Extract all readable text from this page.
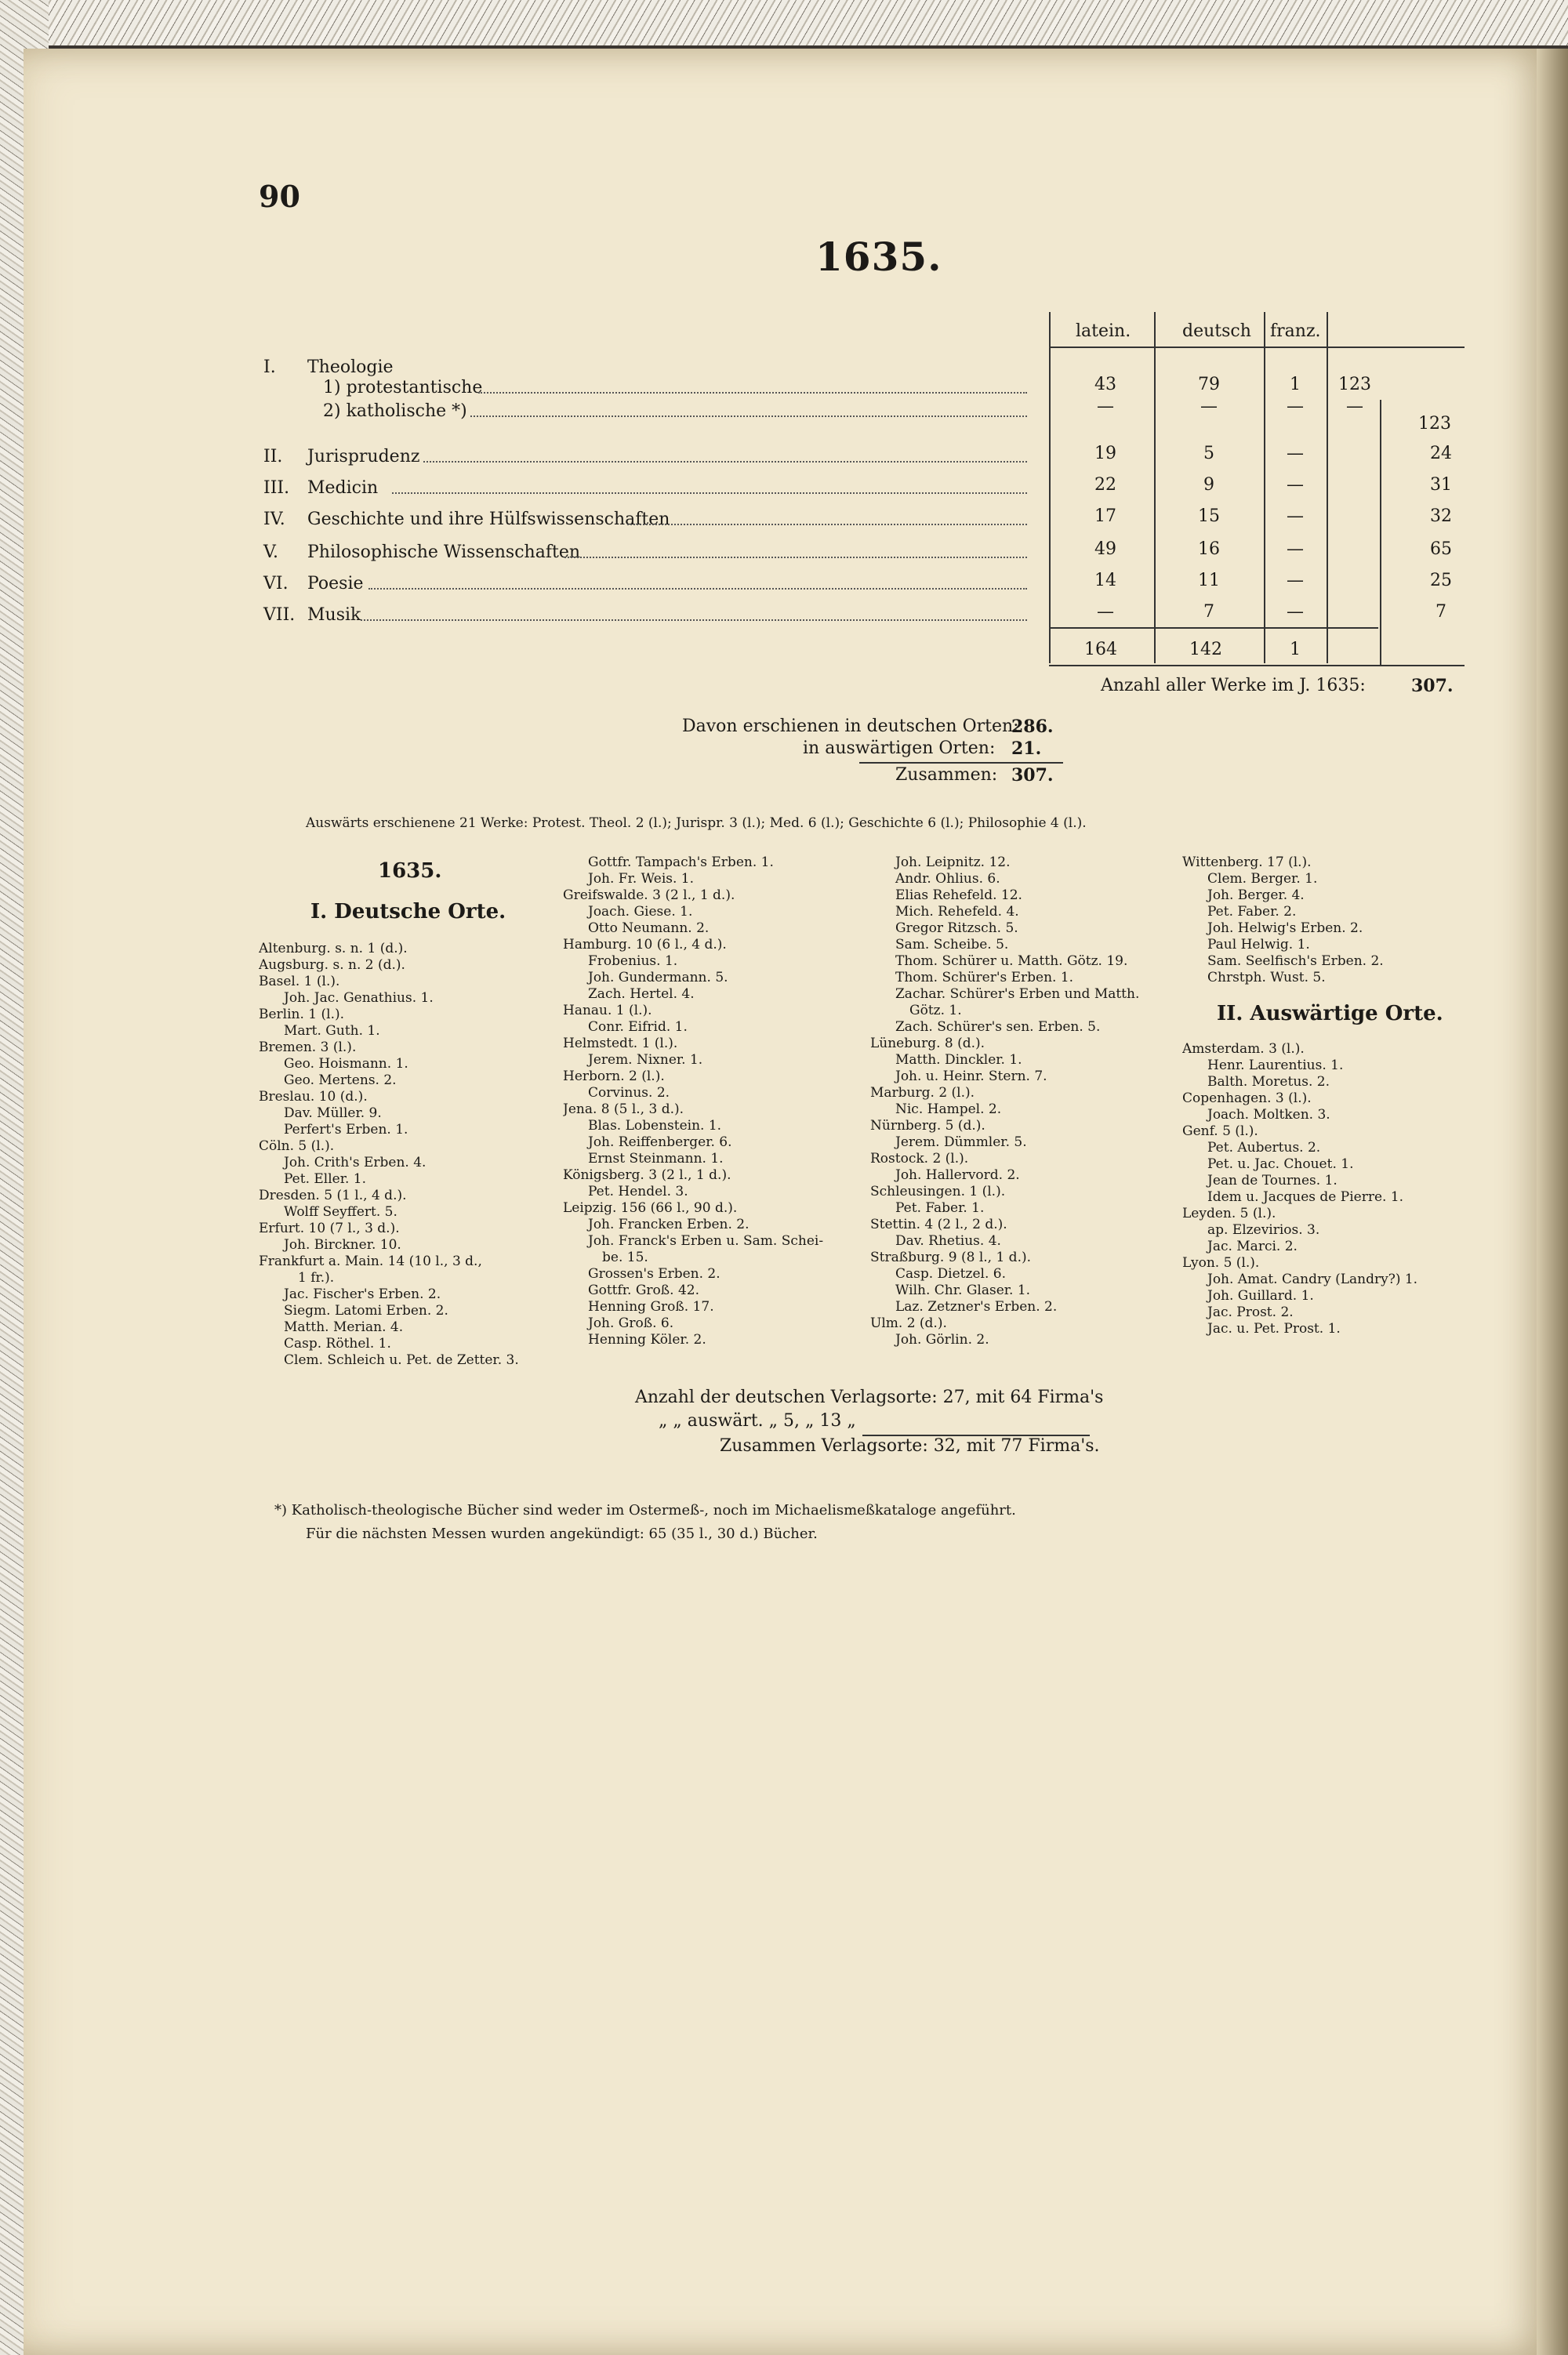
90
1635.
latein.	deutsch franz.
I. Theologie
1) protestantische	43	79	1	123
2) katholische *)	—	—	—	—
123
II. Jurisprudenz	19	5	—	24
III. Medicin	22	9	—	31
IV. Geschichte und ihre Hülfswissenschaften	17	15	—	32
V. Philosophische Wissenschaften	49	16	—	65
VI. Poesie	14	11	—	25
VII. Musik	—	7	—	7
164	142	1
Anzahl aller Werke im J. 1635:	307.
Davon erschienen in deutschen Orten:
286.
in auswärtigen Orten: 21.
Zusammen: 307.
Auswärts erschienene 21 Werke: Protest. Theol. 2 (l.); Jurispr. 3 (l.); Med. 6 (l.); Geschichte 6 (l.); Philosophie 4 (l.).
1635.
I. Deutsche Orte.
Altenburg. s. n. 1 (d.).
Augsburg. s. n. 2 (d.).
Basel. 1 (l.).
Joh. Jac. Genathius. 1.
Berlin. 1 (l.).
Mart. Guth. 1.
Bremen. 3 (l.).
Geo. Hoismann. 1.
Geo. Mertens. 2.
Breslau. 10 (d.).
Dav. Müller. 9.
Perfert's Erben. 1.
Cöln. 5 (l.).
Joh. Crith's Erben. 4.
Pet. Eller. 1.
Dresden. 5 (1 l., 4 d.).
Wolff Seyffert. 5.
Erfurt. 10 (7 l., 3 d.).
Joh. Birckner. 10.
Frankfurt a. Main. 14 (10 l., 3 d.,
1 fr.).
Jac. Fischer's Erben. 2.
Siegm. Latomi Erben. 2.
Matth. Merian. 4.
Casp. Röthel. 1.
Clem. Schleich u. Pet. de Zetter. 3.
Gottfr. Tampach's Erben. 1.
Joh. Fr. Weis. 1.
Greifswalde. 3 (2 l., 1 d.).
Joach. Giese. 1.
Otto Neumann. 2.
Hamburg. 10 (6 l., 4 d.).
Frobenius. 1.
Joh. Gundermann. 5.
Zach. Hertel. 4.
Hanau. 1 (l.).
Conr. Eifrid. 1.
Helmstedt. 1 (l.).
Jerem. Nixner. 1.
Herborn. 2 (l.).
Corvinus. 2.
Jena. 8 (5 l., 3 d.).
Blas. Lobenstein. 1.
Joh. Reiffenberger. 6.
Ernst Steinmann. 1.
Königsberg. 3 (2 l., 1 d.).
Pet. Hendel. 3.
Leipzig. 156 (66 l., 90 d.).
Joh. Francken Erben. 2.
Joh. Franck's Erben u. Sam. Schei-
be. 15.
Grossen's Erben. 2.
Gottfr. Groß. 42.
Henning Groß. 17.
Joh. Groß. 6.
Henning Köler. 2.
Joh. Leipnitz. 12.
Andr. Ohlius. 6.
Elias Rehefeld. 12.
Mich. Rehefeld. 4.
Gregor Ritzsch. 5.
Sam. Scheibe. 5.
Thom. Schürer u. Matth. Götz. 19.
Thom. Schürer's Erben. 1.
Zachar. Schürer's Erben und Matth.
Götz. 1.
Zach. Schürer's sen. Erben. 5.
Lüneburg. 8 (d.).
Matth. Dinckler. 1.
Joh. u. Heinr. Stern. 7.
Marburg. 2 (l.).
Nic. Hampel. 2.
Nürnberg. 5 (d.).
Jerem. Dümmler. 5.
Rostock. 2 (l.).
Joh. Hallervord. 2.
Schleusingen. 1 (l.).
Pet. Faber. 1.
Stettin. 4 (2 l., 2 d.).
Dav. Rhetius. 4.
Straßburg. 9 (8 l., 1 d.).
Casp. Dietzel. 6.
Wilh. Chr. Glaser. 1.
Laz. Zetzner's Erben. 2.
Ulm. 2 (d.).
Joh. Görlin. 2.
Wittenberg. 17 (l.).
Clem. Berger. 1.
Joh. Berger. 4.
Pet. Faber. 2.
Joh. Helwig's Erben. 2.
Paul Helwig. 1.
Sam. Seelfisch's Erben. 2.
Chrstph. Wust. 5.
II. Auswärtige Orte.
Amsterdam. 3 (l.).
Henr. Laurentius. 1.
Balth. Moretus. 2.
Copenhagen. 3 (l.).
Joach. Moltken. 3.
Genf. 5 (l.).
Pet. Aubertus. 2.
Pet. u. Jac. Chouet. 1.
Jean de Tournes. 1.
Idem u. Jacques de Pierre. 1.
Leyden. 5 (l.).
ap. Elzevirios. 3.
Jac. Marci. 2.
Lyon. 5 (l.).
Joh. Amat. Candry (Landry?) 1.
Joh. Guillard. 1.
Jac. Prost. 2.
Jac. u. Pet. Prost. 1.
Anzahl der deutschen Verlagsorte: 27, mit 64 Firma's
„ „ auswärt. „ 5, „ 13 „
Zusammen Verlagsorte: 32, mit 77 Firma's.
*) Katholisch-theologische Bücher sind weder im Ostermeß-, noch im Michaelismeßkataloge angeführt.
Für die nächsten Messen wurden angekündigt: 65 (35 l., 30 d.) Bücher.
